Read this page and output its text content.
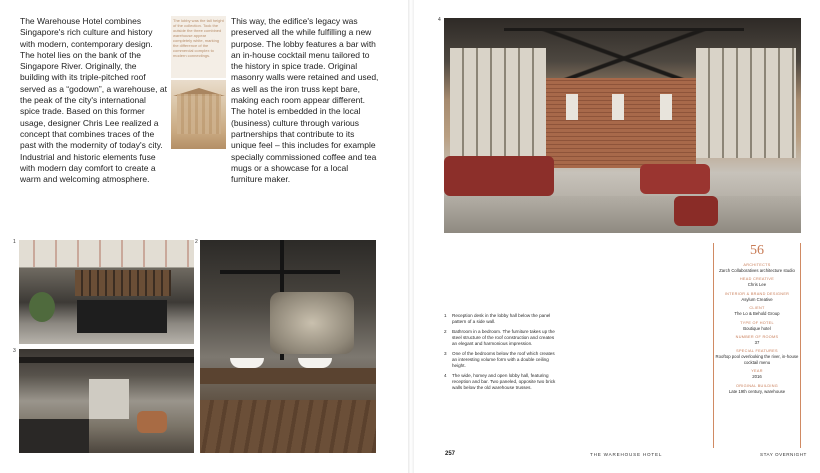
The Warehouse Hotel combines Singapore's rich culture and history with modern, contemporary design. The hotel lies on the bank of the Singapore River. Originally, the building with its triple-pitched roof served as a “godown”, a warehouse, at the peak of the city's international spice trade. Based on this former usage, designer Chris Lee realized a concept that combines traces of the past with the modernity of today's city. Industrial and historic elements fuse with modern day comfort to create a warm and welcoming atmosphere.
The lobby was the tall height of the collection. Took the outside the three combined warehouse appear completely white, marking the difference of the commercial complex to modern connectings.
This way, the edifice's legacy was preserved all the while fulfilling a new purpose. The lobby features a bar with an in-house cocktail menu tailored to the history in spice trade. Original masonry walls were retained and used, as well as the iron truss kept bare, making each room appear different. The hotel is embedded in the local (business) culture through various partnerships that contribute to its unique feel – this includes for example specially commissioned coffee and tea mugs or a showcase for a local furniture maker.
1	2
3
4
1	Reception desk in the lobby hall below the panel pattern of a side wall.
2	Bathroom in a bedroom. The furniture takes up the steel structure of the roof construction and creates an elegant and harmonious impression.
3	One of the bedrooms below the roof which creates an interesting volume form with a double ceiling height.
4	The wide, homey and open lobby hall, featuring reception and bar. Two paneled, opposite two brick walls below the old warehouse trusses.
56
ARCHITECTS
Zarch Collaboratives architecture studio
HEAD CREATIVE
Chris Lee
INTERIOR & BRAND DESIGNER
Asylum Creative
CLIENT
The Lo & Behold Group
TYPE OF HOTEL
Boutique hotel
NUMBER OF ROOMS
37
SPECIAL FEATURES
Rooftop pool overlooking the river, in-house cocktail menu
YEAR
2016
ORIGINAL BUILDING
Late 19th century, warehouse
257	THE WAREHOUSE HOTEL	STAY OVERNIGHT
